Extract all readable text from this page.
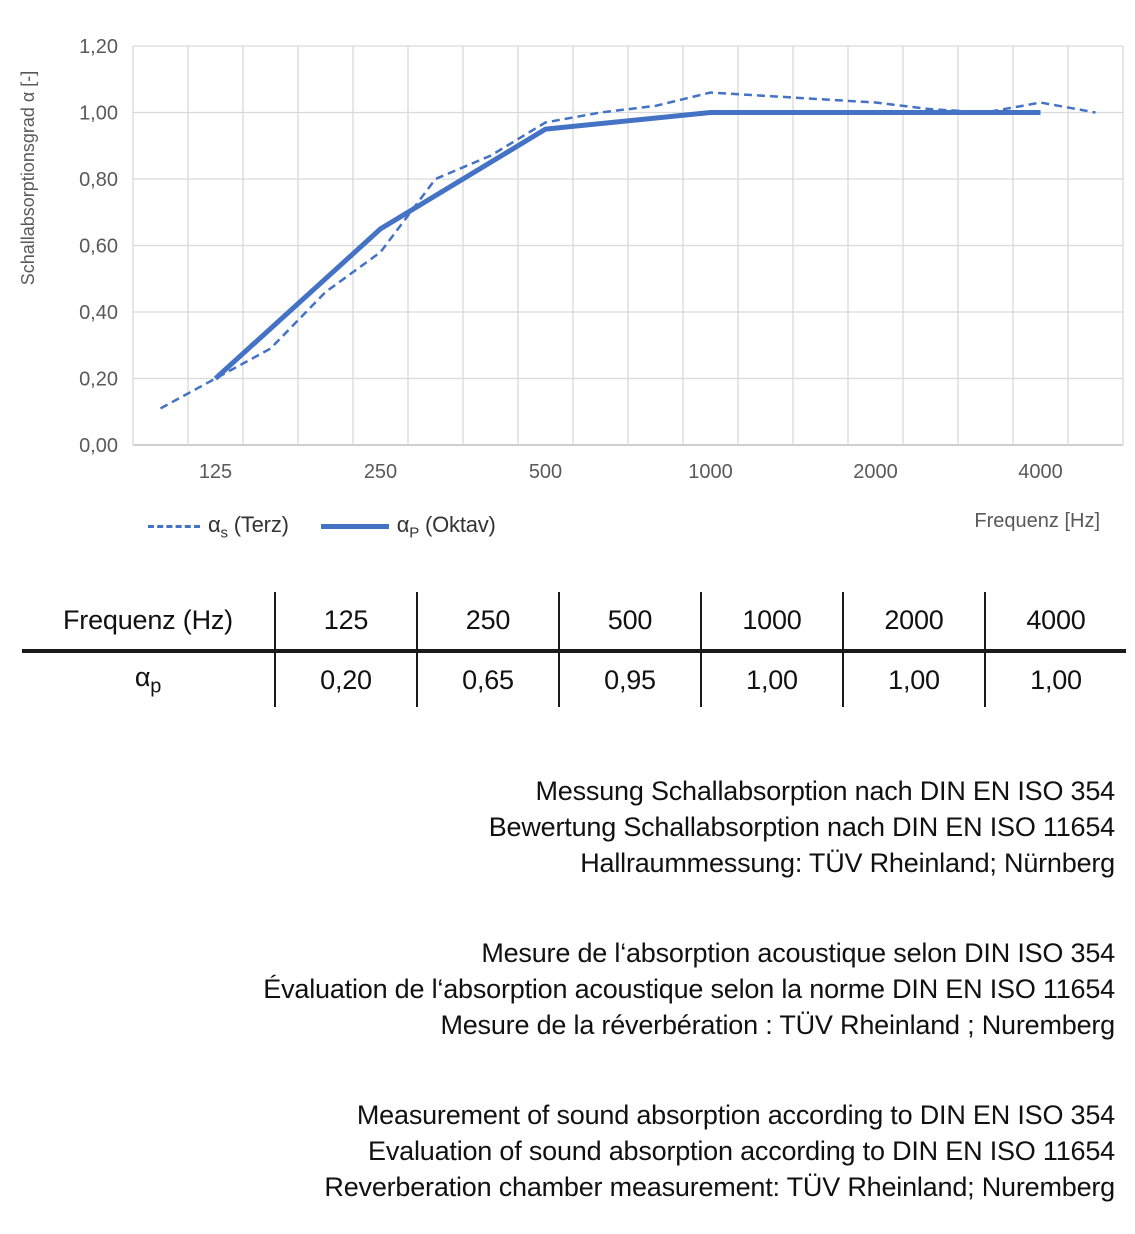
0,00
0,20
0,40
0,60
0,80
1,00
1,20
125	250	500	1000	2000	4000
Schallabsorptionsgrad α [-]
Frequenz [Hz]
$\alpha_s$ (Terz)	$\alpha_P$ (Oktav)
Frequenz (Hz)	125	250	500	1000	2000	4000
$\alpha_p$	0,20	0,65	0,95	1,00	1,00	1,00
Messung Schallabsorption nach DIN EN ISO 354
Bewertung Schallabsorption nach DIN EN ISO 11654
Hallraummessung: TÜV Rheinland; Nürnberg
Mesure de l‘absorption acoustique selon DIN ISO 354
Évaluation de l‘absorption acoustique selon la norme DIN EN ISO 11654
Mesure de la réverbération : TÜV Rheinland ; Nuremberg
Measurement of sound absorption according to DIN EN ISO 354
Evaluation of sound absorption according to DIN EN ISO 11654
Reverberation chamber measurement: TÜV Rheinland; Nuremberg
